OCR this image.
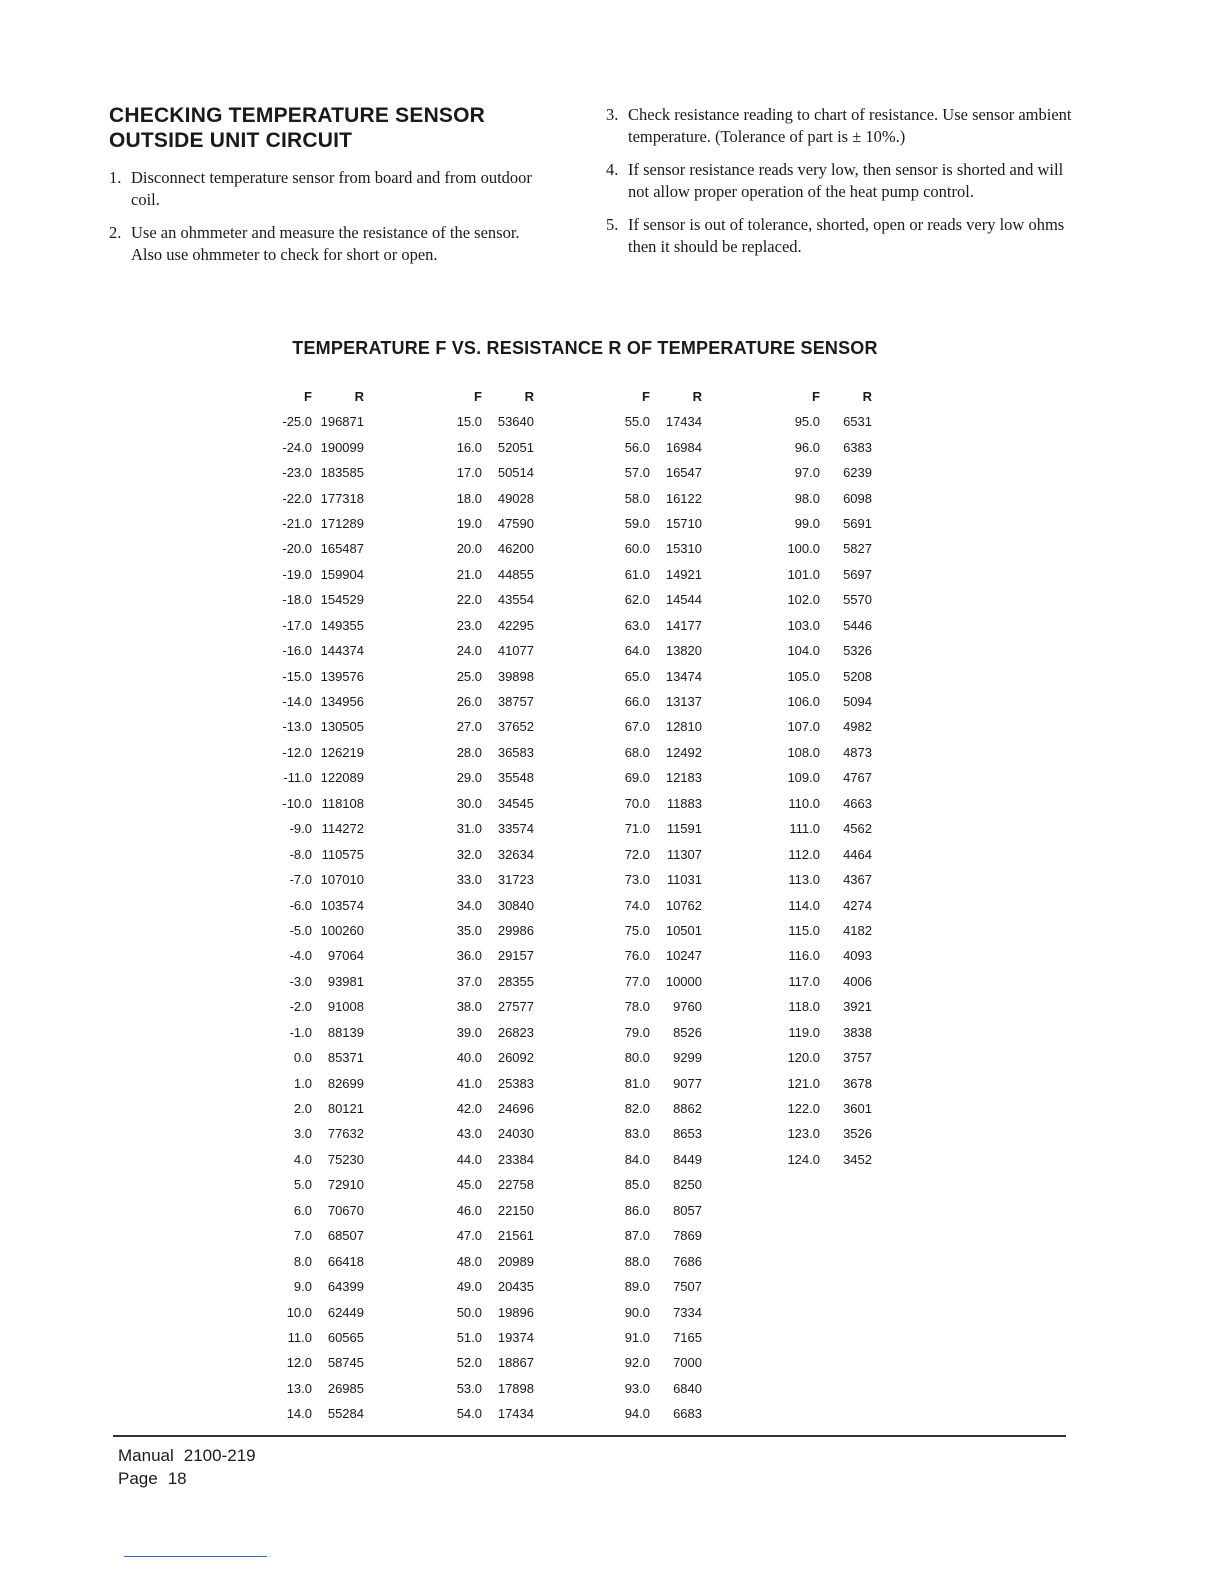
CHECKING TEMPERATURE SENSOR
OUTSIDE UNIT CIRCUIT
1. Disconnect temperature sensor from board and from outdoor coil.
2. Use an ohmmeter and measure the resistance of the sensor. Also use ohmmeter to check for short or open.
3. Check resistance reading to chart of resistance. Use sensor ambient temperature. (Tolerance of part is ± 10%.)
4. If sensor resistance reads very low, then sensor is shorted and will not allow proper operation of the heat pump control.
5. If sensor is out of tolerance, shorted, open or reads very low ohms then it should be replaced.
TEMPERATURE F VS. RESISTANCE R OF TEMPERATURE SENSOR
F	R
-25.0 196871
-24.0 190099
-23.0 183585
-22.0 177318
-21.0 171289
-20.0 165487
-19.0 159904
-18.0 154529
-17.0 149355
-16.0 144374
-15.0 139576
-14.0 134956
-13.0 130505
-12.0 126219
-11.0 122089
-10.0 118108
-9.0 114272
-8.0 110575
-7.0 107010
-6.0 103574
-5.0 100260
-4.0	97064
-3.0	93981
-2.0	91008
-1.0	88139
0.0	85371
1.0	82699
2.0	80121
3.0	77632
4.0	75230
5.0	72910
6.0	70670
7.0	68507
8.0	66418
9.0	64399
10.0	62449
11.0	60565
12.0	58745
13.0	26985
14.0	55284
F	R
15.0	53640
16.0	52051
17.0	50514
18.0	49028
19.0	47590
20.0	46200
21.0	44855
22.0	43554
23.0	42295
24.0	41077
25.0	39898
26.0	38757
27.0	37652
28.0	36583
29.0	35548
30.0	34545
31.0	33574
32.0	32634
33.0	31723
34.0	30840
35.0	29986
36.0	29157
37.0	28355
38.0	27577
39.0	26823
40.0	26092
41.0	25383
42.0	24696
43.0	24030
44.0	23384
45.0	22758
46.0	22150
47.0	21561
48.0	20989
49.0	20435
50.0	19896
51.0	19374
52.0	18867
53.0	17898
54.0	17434
F	R
55.0	17434
56.0	16984
57.0	16547
58.0	16122
59.0	15710
60.0	15310
61.0	14921
62.0	14544
63.0	14177
64.0	13820
65.0	13474
66.0	13137
67.0	12810
68.0	12492
69.0	12183
70.0	11883
71.0	11591
72.0	11307
73.0	11031
74.0	10762
75.0	10501
76.0	10247
77.0	10000
78.0	9760
79.0	8526
80.0	9299
81.0	9077
82.0	8862
83.0	8653
84.0	8449
85.0	8250
86.0	8057
87.0	7869
88.0	7686
89.0	7507
90.0	7334
91.0	7165
92.0	7000
93.0	6840
94.0	6683
F	R
95.0	6531
96.0	6383
97.0	6239
98.0	6098
99.0	5691
100.0	5827
101.0	5697
102.0	5570
103.0	5446
104.0	5326
105.0	5208
106.0	5094
107.0	4982
108.0	4873
109.0	4767
110.0	4663
111.0	4562
112.0	4464
113.0	4367
114.0	4274
115.0	4182
116.0	4093
117.0	4006
118.0	3921
119.0	3838
120.0	3757
121.0	3678
122.0	3601
123.0	3526
124.0	3452
Manual 2100-219
Page 18
